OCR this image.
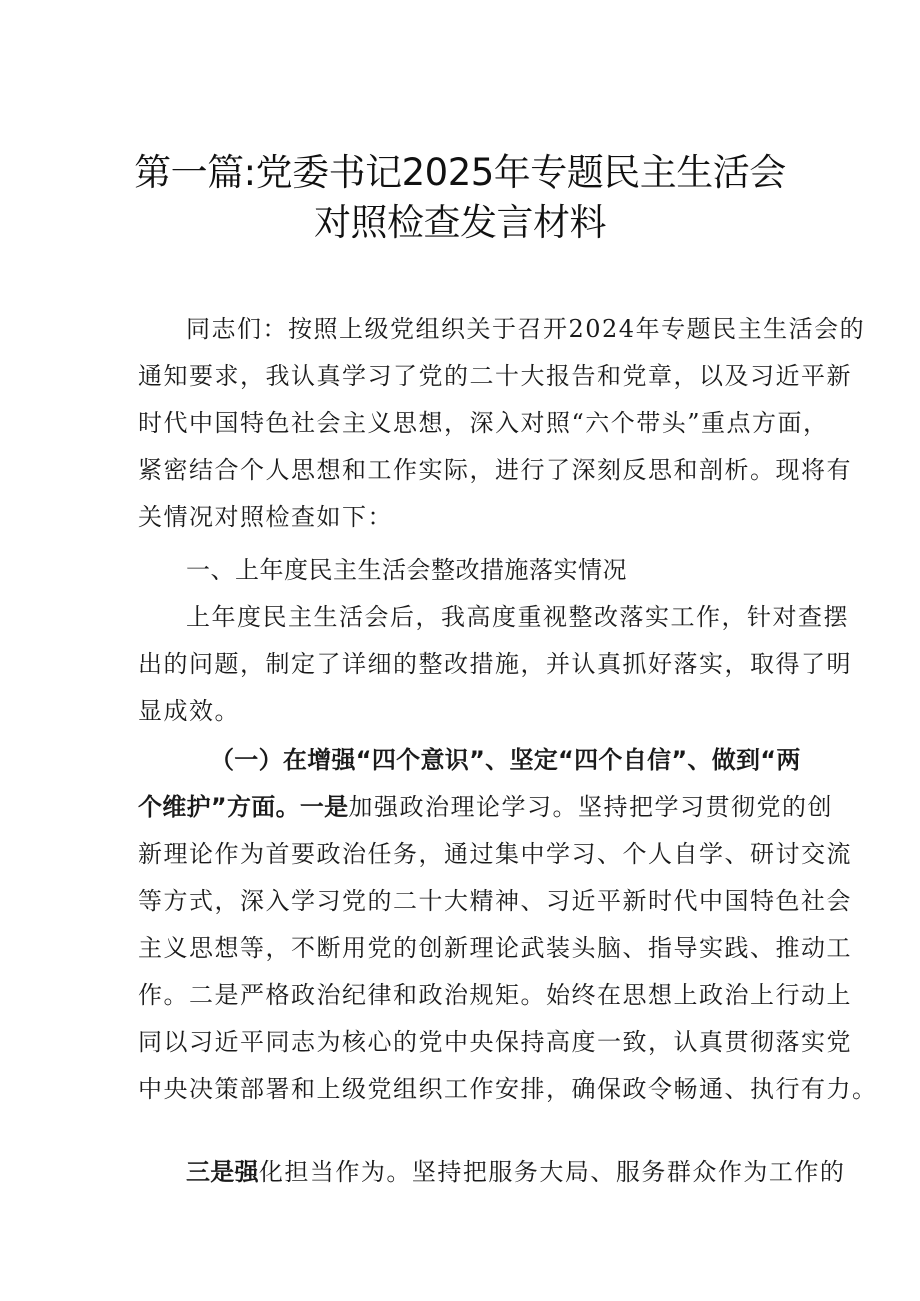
第一篇:党委书记2025年专题民主生活会
对照检查发言材料
同志们：按照上级党组织关于召开2024年专题民主生活会的
通知要求，我认真学习了党的二十大报告和党章，以及习近平新
时代中国特色社会主义思想，深入对照“六个带头”重点方面，
紧密结合个人思想和工作实际，进行了深刻反思和剖析。现将有
关情况对照检查如下：
一、上年度民主生活会整改措施落实情况
上年度民主生活会后，我高度重视整改落实工作，针对查摆
出的问题，制定了详细的整改措施，并认真抓好落实，取得了明
显成效。
（一）在增强“四个意识”、坚定“四个自信”、做到“两
个维护”方面。一是加强政治理论学习。坚持把学习贯彻党的创
新理论作为首要政治任务，通过集中学习、个人自学、研讨交流
等方式，深入学习党的二十大精神、习近平新时代中国特色社会
主义思想等，不断用党的创新理论武装头脑、指导实践、推动工
作。二是严格政治纪律和政治规矩。始终在思想上政治上行动上
同以习近平同志为核心的党中央保持高度一致，认真贯彻落实党
中央决策部署和上级党组织工作安排，确保政令畅通、执行有力。
三是强化担当作为。坚持把服务大局、服务群众作为工作的
